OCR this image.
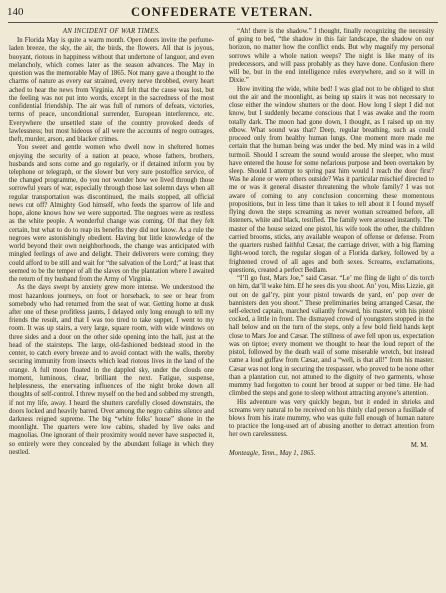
140	CONFEDERATE VETERAN.
AN INCIDENT OF WAR TIMES.

In Florida May is quite a warm month. Open doors invite the perfume-laden breeze, the sky, the air, the birds, the flowers. All that is joyous, buoyant, riotous in happiness without that undertone of languor, and even melancholy, which comes later as the season advances. The May in question was the memorable May of 1865. Not many gave a thought to the charms of nature as every ear strained, every nerve throbbed, every heart ached to hear the news from Virginia. All felt that the cause was lost, but the feeling was not put into words, except in the sacredness of the most confidential friendship. The air was full of rumors of defeats, victories, terms of peace, unconditional surrender, European interference, etc. Everywhere the unsettled state of the country provoked deeds of lawlessness; but most hideous of all were the accounts of negro outrages, theft, murder, arson, and blacker crimes.

You sweet and gentle women who dwell now in sheltered homes enjoying the security of a nation at peace, whose fathers, brothers, husbands and sons come and go regularly, or if detained inform you by telephone or telegraph, or the slower but very sure postoffice service, of the changed programme, do you not wonder how we lived through those sorrowful years of war, especially through those last solemn days when all regular transportation was discontinued, the mails stopped, all official news cut off? Almighty God himself, who feeds the sparrow of life and hope, alone knows how we were supported. The negroes were as restless as the white people. A wonderful change was coming. Of that they felt certain, but what to do to reap its benefits they did not know. As a rule the negroes were astonishingly obedient. Having but little knowledge of the world beyond their own neighborhoods, the change was anticipated with mingled feelings of awe and delight. Their deliverers were coming; they could afford to be still and wait for “the salvation of the Lord;” at least that seemed to be the temper of all the slaves on the plantation where I awaited the return of my husband from the Army of Virginia.

As the days swept by anxiety grew more intense. We understood the most hazardous journeys, on foot or horseback, to see or hear from somebody who had returned from the seat of war. Getting home at dusk after one of these profitless jaunts, I delayed only long enough to tell my friends the result, and that I was too tired to take supper, I went to my room. It was up stairs, a very large, square room, with wide windows on three sides and a door on the other side opening into the hall, just at the head of the stairsteps. The large, old-fashioned bedstead stood in the center, to catch every breeze and to avoid contact with the walls, thereby securing immunity from insects which lead riotous lives in the land of the orange. A full moon floated in the dappled sky, under the clouds one moment, luminous, clear, brilliant the next. Fatigue, suspense, helplessness, the enervating influences of the night broke down all thoughts of self-control. I threw myself on the bed and sobbed my strength, if not my life, away. I heard the shutters carefully closed downstairs, the doors locked and heavily barred. Over among the negro cabins silence and darkness reigned supreme. The big “white folks’ house” shone in the moonlight. The quarters were low cabins, shaded by live oaks and magnolias. One ignorant of their proximity would never have suspected it, so entirely were they concealed by the abundant foliage in which they nestled.

“Ah! there is the shadow.” I thought, finally recognizing the necessity of going to bed, “the shadow in this fair landscape, the shadow on our horizon, no matter how the conflict ends. But why magnify my personal sorrows while a whole nation weeps? The night is like many of its predecessors, and will pass probably as they have done. Confusion there will be, but in the end intelligence rules everywhere, and so it will in Dixie.”

How inviting the wide, white bed! I was glad not to be obliged to shut out the air and the moonlight, as being up stairs it was not necessary to close either the window shutters or the door. How long I slept I did not know, but I suddenly became conscious that I was awake and the room totally dark. The moon had gone down, I thought, as I raised up on my elbow. What sound was that? Deep, regular breathing, such as could proceed only from healthy human lungs. One moment more made me certain that the human being was under the bed. My mind was in a wild turmoil. Should I scream the sound would arouse the sleeper, who must have entered the house for some nefarious purpose and been overtaken by sleep. Should I attempt to spring past him would I reach the door first? Was he alone or were others outside? Was it particular mischief directed to me or was it general disaster threatening the whole family? I was not aware of coming to any conclusion concerning these momentous propositions, but in less time than it takes to tell about it I found myself flying down the steps screaming as never woman screamed before, all listeners, white and black, testified. The family were aroused instantly. The master of the house seized one pistol, his wife took the other, the children carried brooms, sticks, any available weapon of offense or defense. From the quarters rushed faithful Cæsar, the carriage driver, with a big flaming light-wood torch, the regular slogan of a Florida darkey, followed by a frightened crowd of all ages and both sexes. Screams, exclamations, questions, created a perfect Bedlam.

“I’ll go fust, Mars Joe,” said Cæsar. “Le’ me fling de light o’ dis torch on him, dat’ll wake him. Ef he sees dis you shoot. An’ you, Miss Lizzie, git out on de gal’ry, pint your pistol towards de yard, en’ pop over de bannisters den you shoot.” These preliminaries being arranged Cæsar, the self-elected captain, marched valiantly forward, his master, with his pistol cocked, a little in front. The dismayed crowd of youngsters stopped in the hall below and on the turn of the steps, only a few bold field hands kept close to Mars Joe and Cæsar. The stillness of awe fell upon us, expectation was on tiptoe; every moment we thought to hear the loud report of the pistol, followed by the death wail of some miserable wretch, but instead came a loud guffaw from Cæsar, and a “well, is that all!” from his master. Cæsar was not long in securing the trespasser, who proved to be none other than a plantation cur, not attuned to the dignity of two garments, whose mummy had forgotten to count her brood at supper or bed time. He had climbed the steps and gone to sleep without attracting anyone’s attention.

His adventure was very quickly begun, but it ended in shrieks and screams very natural to be received on his thinly clad person a fusillade of blows from his irate mummy, who was quite full enough of human nature to practice the long-used art of abusing another to detract attention from her own carelessness.

M. M.
Monteagle, Tenn., May 1, 1865.
